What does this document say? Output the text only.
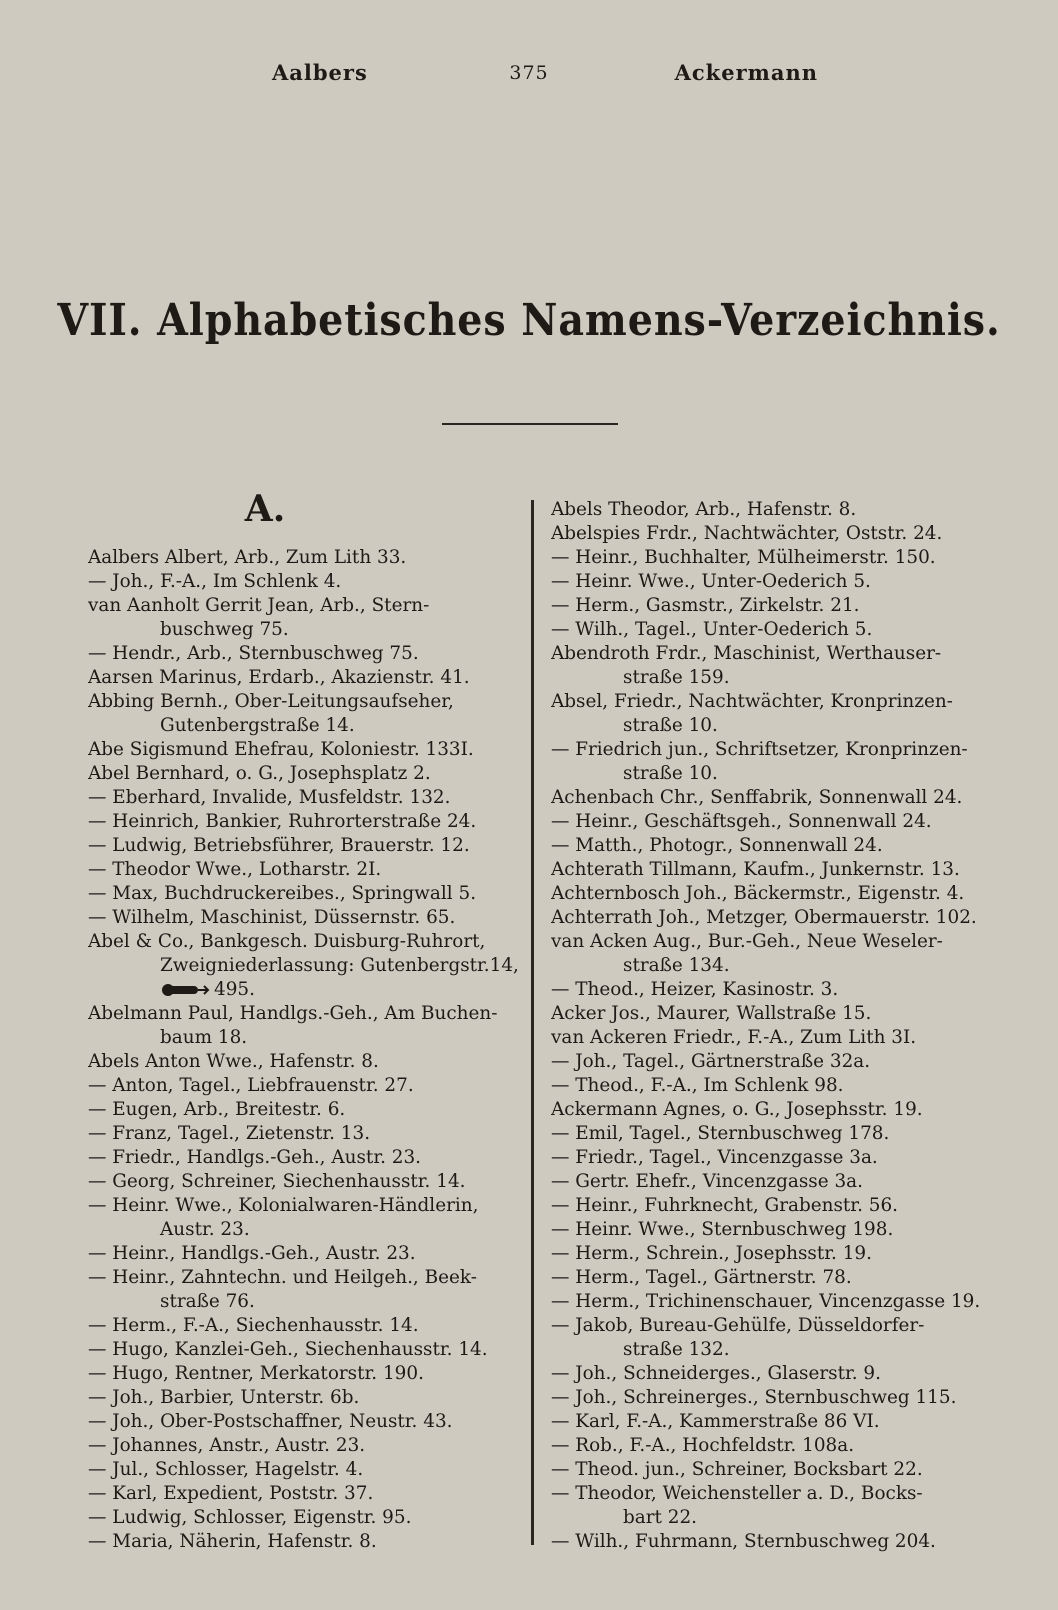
Aalbers	375	Ackermann
VII. Alphabetisches Namens-Verzeichnis.
A.
Aalbers Albert, Arb., Zum Lith 33.
— Joh., F.-A., Im Schlenk 4.
van Aanholt Gerrit Jean, Arb., Stern-
buschweg 75.
— Hendr., Arb., Sternbuschweg 75.
Aarsen Marinus, Erdarb., Akazienstr. 41.
Abbing Bernh., Ober-Leitungsaufseher,
Gutenbergstraße 14.
Abe Sigismund Ehefrau, Koloniestr. 133I.
Abel Bernhard, o. G., Josephsplatz 2.
— Eberhard, Invalide, Musfeldstr. 132.
— Heinrich, Bankier, Ruhrorterstraße 24.
— Ludwig, Betriebsführer, Brauerstr. 12.
— Theodor Wwe., Lotharstr. 2I.
— Max, Buchdruckereibes., Springwall 5.
— Wilhelm, Maschinist, Düssernstr. 65.
Abel & Co., Bankgesch. Duisburg-Ruhrort,
Zweigniederlassung: Gutenbergstr.14,
495.
Abelmann Paul, Handlgs.-Geh., Am Buchen-
baum 18.
Abels Anton Wwe., Hafenstr. 8.
— Anton, Tagel., Liebfrauenstr. 27.
— Eugen, Arb., Breitestr. 6.
— Franz, Tagel., Zietenstr. 13.
— Friedr., Handlgs.-Geh., Austr. 23.
— Georg, Schreiner, Siechenhausstr. 14.
— Heinr. Wwe., Kolonialwaren-Händlerin,
Austr. 23.
— Heinr., Handlgs.-Geh., Austr. 23.
— Heinr., Zahntechn. und Heilgeh., Beek-
straße 76.
— Herm., F.-A., Siechenhausstr. 14.
— Hugo, Kanzlei-Geh., Siechenhausstr. 14.
— Hugo, Rentner, Merkatorstr. 190.
— Joh., Barbier, Unterstr. 6b.
— Joh., Ober-Postschaffner, Neustr. 43.
— Johannes, Anstr., Austr. 23.
— Jul., Schlosser, Hagelstr. 4.
— Karl, Expedient, Poststr. 37.
— Ludwig, Schlosser, Eigenstr. 95.
— Maria, Näherin, Hafenstr. 8.
Abels Theodor, Arb., Hafenstr. 8.
Abelspies Frdr., Nachtwächter, Oststr. 24.
— Heinr., Buchhalter, Mülheimerstr. 150.
— Heinr. Wwe., Unter-Oederich 5.
— Herm., Gasmstr., Zirkelstr. 21.
— Wilh., Tagel., Unter-Oederich 5.
Abendroth Frdr., Maschinist, Werthauser-
straße 159.
Absel, Friedr., Nachtwächter, Kronprinzen-
straße 10.
— Friedrich jun., Schriftsetzer, Kronprinzen-
straße 10.
Achenbach Chr., Senffabrik, Sonnenwall 24.
— Heinr., Geschäftsgeh., Sonnenwall 24.
— Matth., Photogr., Sonnenwall 24.
Achterath Tillmann, Kaufm., Junkernstr. 13.
Achternbosch Joh., Bäckermstr., Eigenstr. 4.
Achterrath Joh., Metzger, Obermauerstr. 102.
van Acken Aug., Bur.-Geh., Neue Weseler-
straße 134.
— Theod., Heizer, Kasinostr. 3.
Acker Jos., Maurer, Wallstraße 15.
van Ackeren Friedr., F.-A., Zum Lith 3I.
— Joh., Tagel., Gärtnerstraße 32a.
— Theod., F.-A., Im Schlenk 98.
Ackermann Agnes, o. G., Josephsstr. 19.
— Emil, Tagel., Sternbuschweg 178.
— Friedr., Tagel., Vincenzgasse 3a.
— Gertr. Ehefr., Vincenzgasse 3a.
— Heinr., Fuhrknecht, Grabenstr. 56.
— Heinr. Wwe., Sternbuschweg 198.
— Herm., Schrein., Josephsstr. 19.
— Herm., Tagel., Gärtnerstr. 78.
— Herm., Trichinenschauer, Vincenzgasse 19.
— Jakob, Bureau-Gehülfe, Düsseldorfer-
straße 132.
— Joh., Schneiderges., Glaserstr. 9.
— Joh., Schreinerges., Sternbuschweg 115.
— Karl, F.-A., Kammerstraße 86 VI.
— Rob., F.-A., Hochfeldstr. 108a.
— Theod. jun., Schreiner, Bocksbart 22.
— Theodor, Weichensteller a. D., Bocks-
bart 22.
— Wilh., Fuhrmann, Sternbuschweg 204.
